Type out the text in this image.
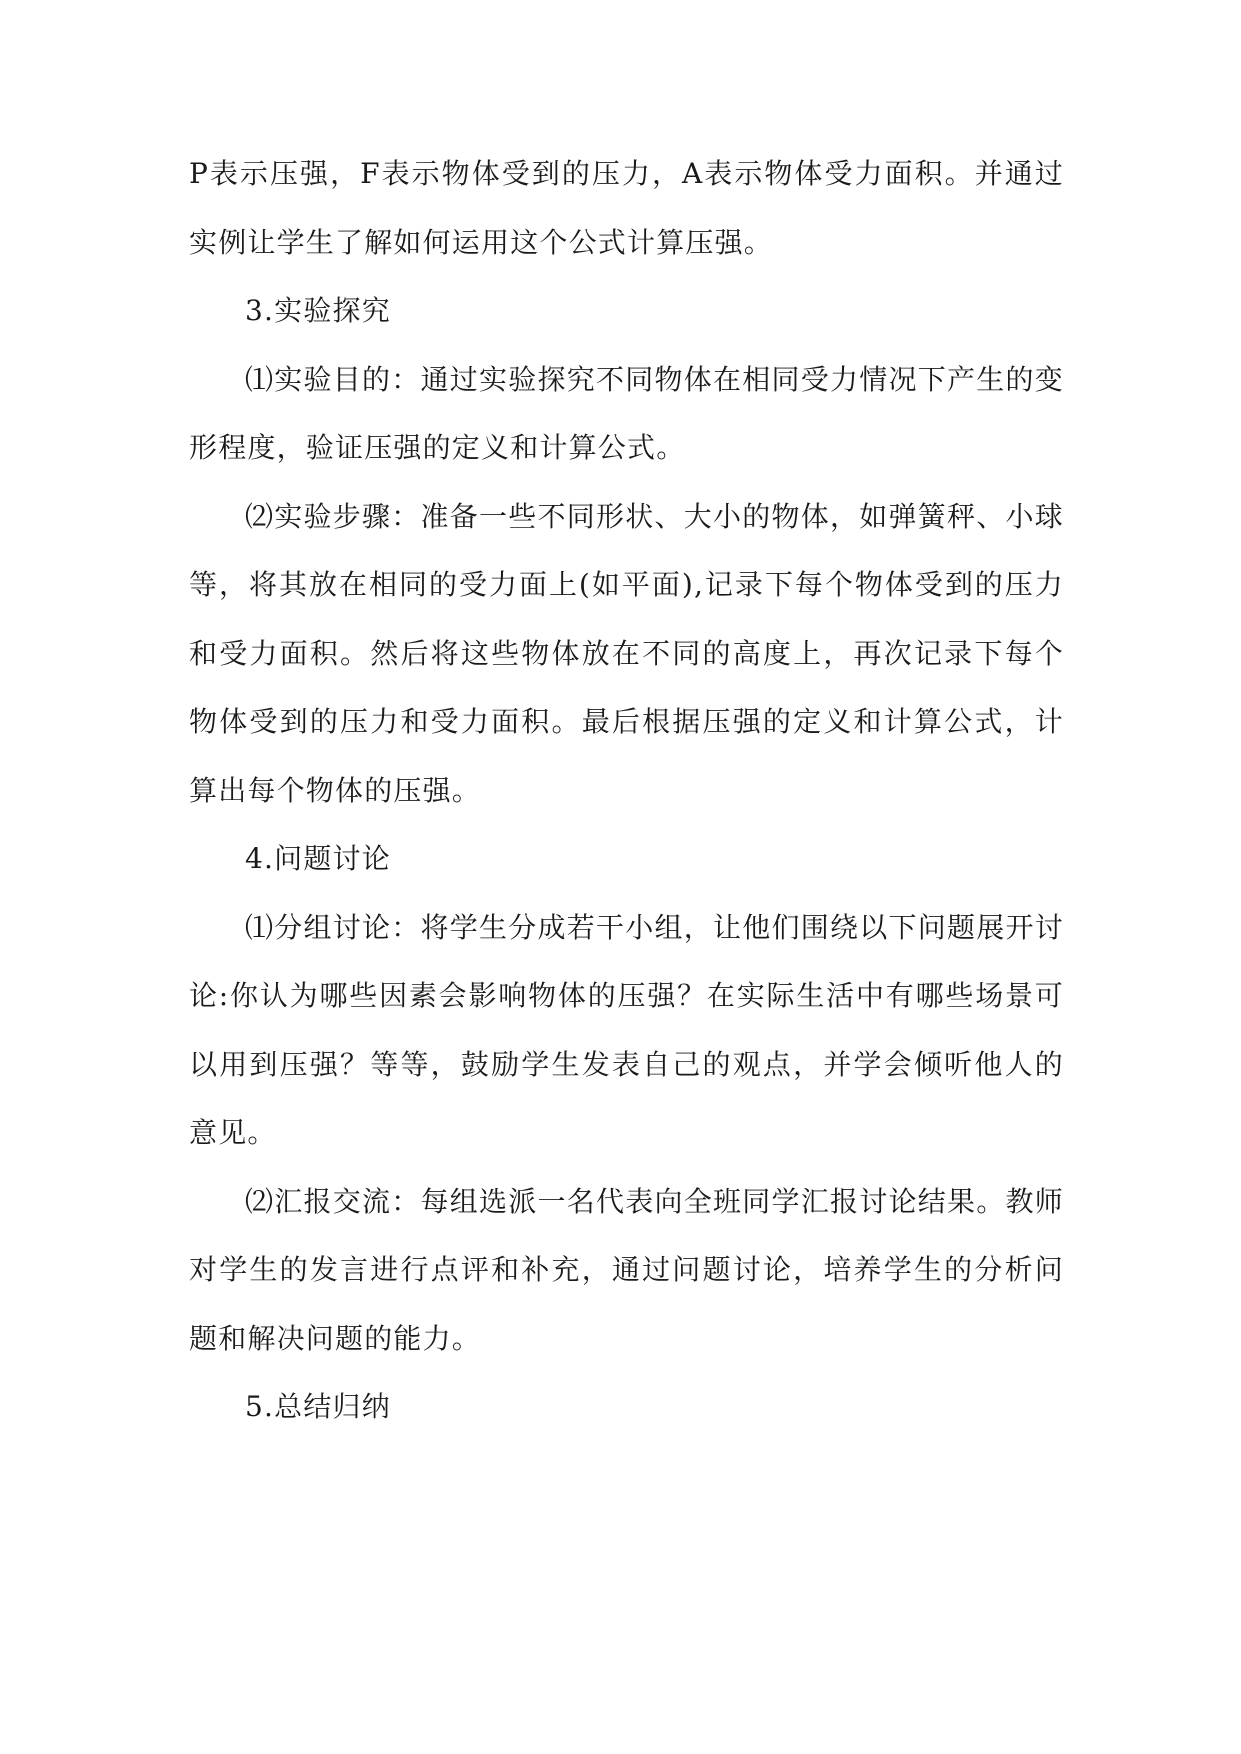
P表示压强，F表示物体受到的压力，A表示物体受力面积。并通过实例让学生了解如何运用这个公式计算压强。

3.实验探究

⑴实验目的：通过实验探究不同物体在相同受力情况下产生的变形程度，验证压强的定义和计算公式。

⑵实验步骤：准备一些不同形状、大小的物体，如弹簧秤、小球等，将其放在相同的受力面上(如平面),记录下每个物体受到的压力和受力面积。然后将这些物体放在不同的高度上，再次记录下每个物体受到的压力和受力面积。最后根据压强的定义和计算公式，计算出每个物体的压强。

4.问题讨论

⑴分组讨论：将学生分成若干小组，让他们围绕以下问题展开讨论:你认为哪些因素会影响物体的压强？在实际生活中有哪些场景可以用到压强？等等，鼓励学生发表自己的观点，并学会倾听他人的意见。

⑵汇报交流：每组选派一名代表向全班同学汇报讨论结果。教师对学生的发言进行点评和补充，通过问题讨论，培养学生的分析问题和解决问题的能力。

5.总结归纳
